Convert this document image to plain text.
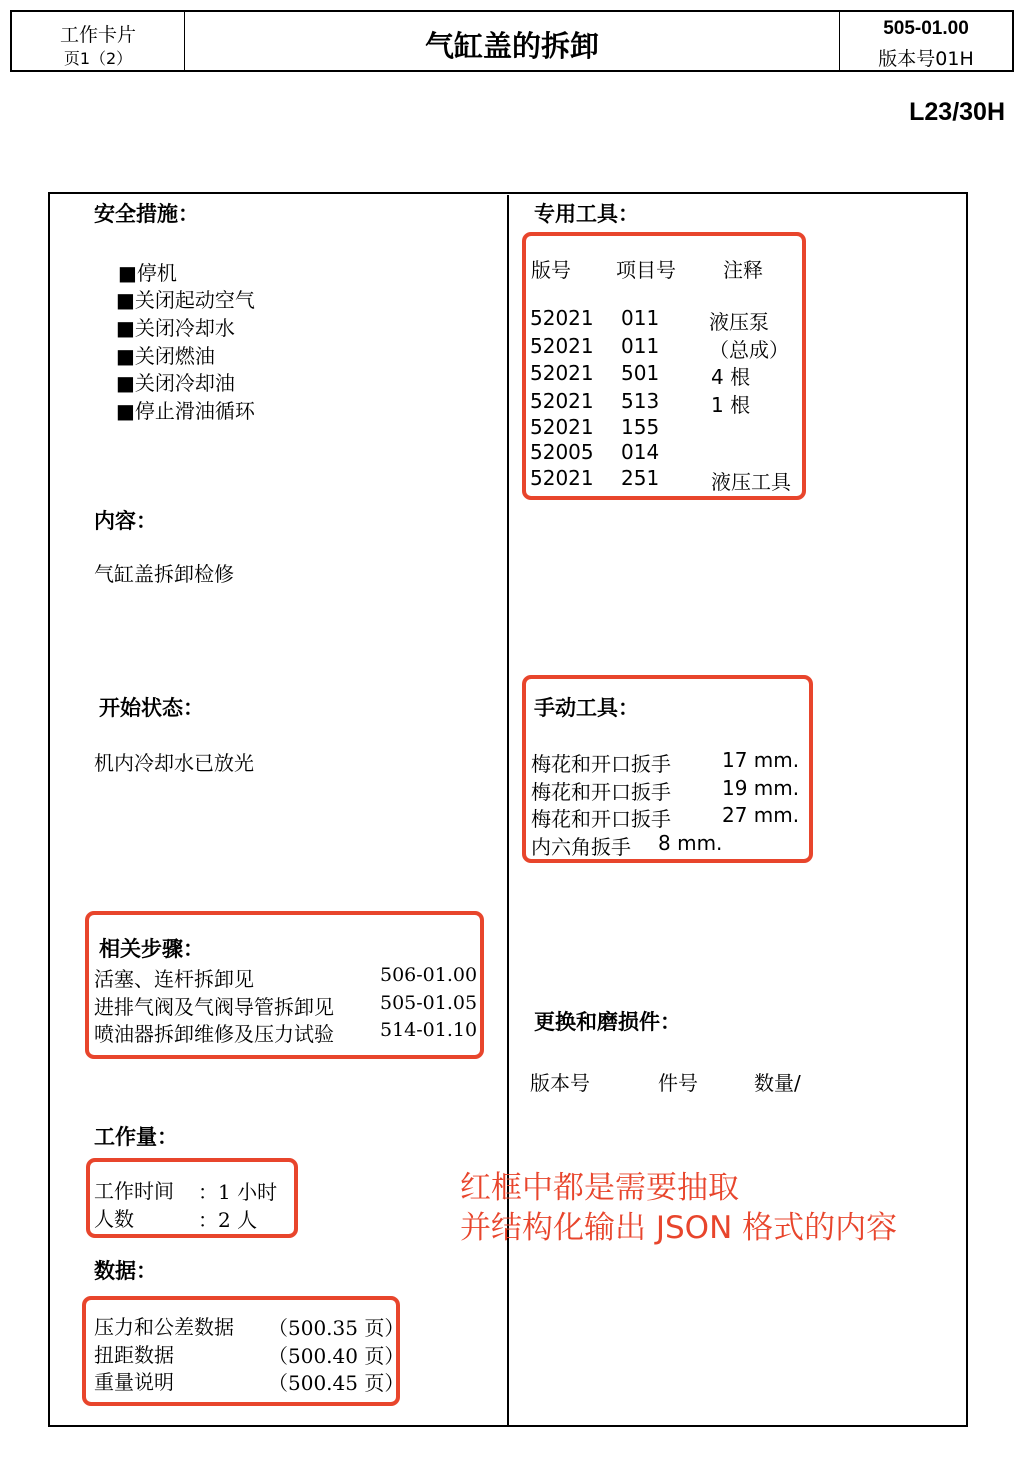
工作卡片
页1（2）	气缸盖的拆卸
505-01.00
版本号01H
L23/30H
安全措施：
■停机
■关闭起动空气
■关闭冷却水
■关闭燃油
■关闭冷却油
■停止滑油循环
内容：
气缸盖拆卸检修
开始状态：
机内冷却水已放光
相关步骤：
活塞、连杆拆卸见	506-01.00
进排气阀及气阀导管拆卸见 505-01.05
喷油器拆卸维修及压力试验 514-01.10
工作量：
工作时间 ：1 小时
人数	：2 人
数据：
压力和公差数据 （500.35 页）
扭距数据	（500.40 页）
重量说明	（500.45 页）
专用工具：
版号 项目号 注释
52021 011 液压泵
52021 011 （总成）
52021 501	4 根
52021 513	1 根
52021 155
52005 014
52021 251	液压工具
手动工具：
梅花和开口扳手	17 mm.
梅花和开口扳手	19 mm.
梅花和开口扳手	27 mm.
内六角扳手 8 mm.
更换和磨损件：
版本号	件号	数量/
红框中都是需要抽取
并结构化输出 JSON 格式的内容
